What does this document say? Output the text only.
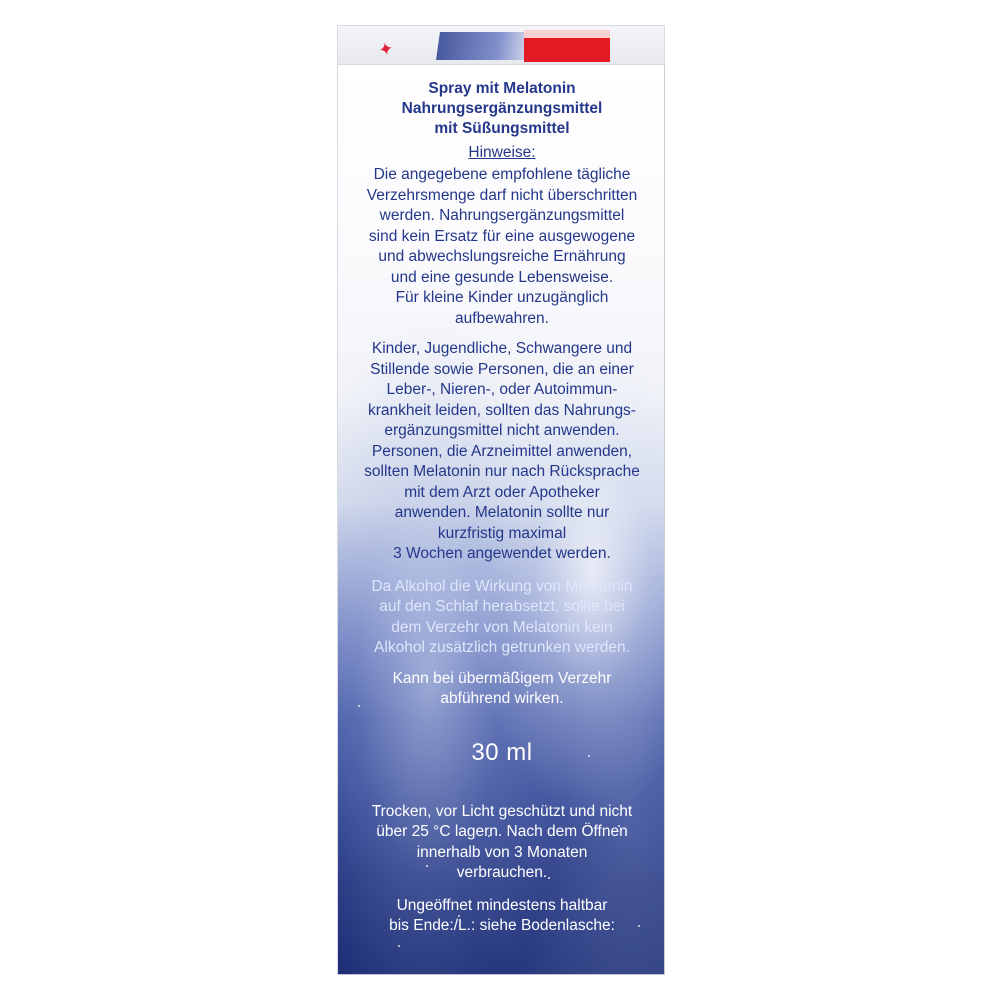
✦

Spray mit Melatonin
Nahrungsergänzungsmittel
mit Süßungsmittel

Hinweise:

Die angegebene empfohlene tägliche
Verzehrsmenge darf nicht überschritten
werden. Nahrungsergänzungsmittel
sind kein Ersatz für eine ausgewogene
und abwechslungsreiche Ernährung
und eine gesunde Lebensweise.
Für kleine Kinder unzugänglich
aufbewahren.

Kinder, Jugendliche, Schwangere und
Stillende sowie Personen, die an einer
Leber-, Nieren-, oder Autoimmun-
krankheit leiden, sollten das Nahrungs-
ergänzungsmittel nicht anwenden.
Personen, die Arzneimittel anwenden,
sollten Melatonin nur nach Rücksprache
mit dem Arzt oder Apotheker
anwenden. Melatonin sollte nur
kurzfristig maximal
3 Wochen angewendet werden.

Da Alkohol die Wirkung von Melatonin
auf den Schlaf herabsetzt, sollte bei
dem Verzehr von Melatonin kein
Alkohol zusätzlich getrunken werden.

Kann bei übermäßigem Verzehr
abführend wirken.

30 ml

Trocken, vor Licht geschützt und nicht
über 25 °C lagern. Nach dem Öffnen
innerhalb von 3 Monaten
verbrauchen.

Ungeöffnet mindestens haltbar
bis Ende:/L.: siehe Bodenlasche:
